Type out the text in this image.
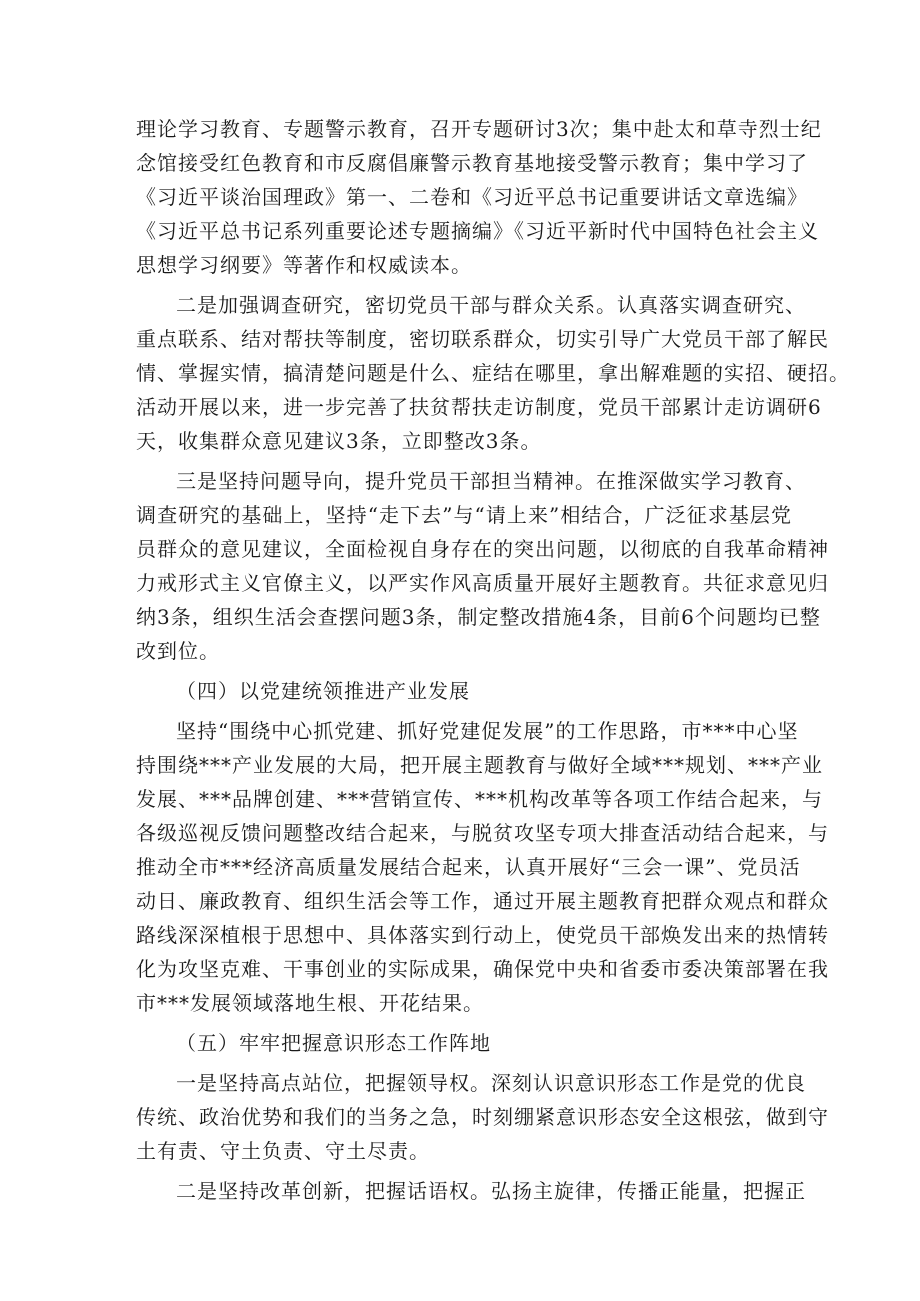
理论学习教育、专题警示教育，召开专题研讨3次；集中赴太和草寺烈士纪
念馆接受红色教育和市反腐倡廉警示教育基地接受警示教育；集中学习了
《习近平谈治国理政》第一、二卷和《习近平总书记重要讲话文章选编》
《习近平总书记系列重要论述专题摘编》《习近平新时代中国特色社会主义
思想学习纲要》等著作和权威读本。
二是加强调查研究，密切党员干部与群众关系。认真落实调查研究、
重点联系、结对帮扶等制度，密切联系群众，切实引导广大党员干部了解民
情、掌握实情，搞清楚问题是什么、症结在哪里，拿出解难题的实招、硬招。
活动开展以来，进一步完善了扶贫帮扶走访制度，党员干部累计走访调研6
天，收集群众意见建议3条，立即整改3条。
三是坚持问题导向，提升党员干部担当精神。在推深做实学习教育、
调查研究的基础上，坚持“走下去”与“请上来”相结合，广泛征求基层党
员群众的意见建议，全面检视自身存在的突出问题，以彻底的自我革命精神
力戒形式主义官僚主义，以严实作风高质量开展好主题教育。共征求意见归
纳3条，组织生活会查摆问题3条，制定整改措施4条，目前6个问题均已整
改到位。
（四）以党建统领推进产业发展
坚持“围绕中心抓党建、抓好党建促发展”的工作思路，市***中心坚
持围绕***产业发展的大局，把开展主题教育与做好全域***规划、***产业
发展、***品牌创建、***营销宣传、***机构改革等各项工作结合起来，与
各级巡视反馈问题整改结合起来，与脱贫攻坚专项大排查活动结合起来，与
推动全市***经济高质量发展结合起来，认真开展好“三会一课”、党员活
动日、廉政教育、组织生活会等工作，通过开展主题教育把群众观点和群众
路线深深植根于思想中、具体落实到行动上，使党员干部焕发出来的热情转
化为攻坚克难、干事创业的实际成果，确保党中央和省委市委决策部署在我
市***发展领域落地生根、开花结果。
（五）牢牢把握意识形态工作阵地
一是坚持高点站位，把握领导权。深刻认识意识形态工作是党的优良
传统、政治优势和我们的当务之急，时刻绷紧意识形态安全这根弦，做到守
土有责、守土负责、守土尽责。
二是坚持改革创新，把握话语权。弘扬主旋律，传播正能量，把握正
